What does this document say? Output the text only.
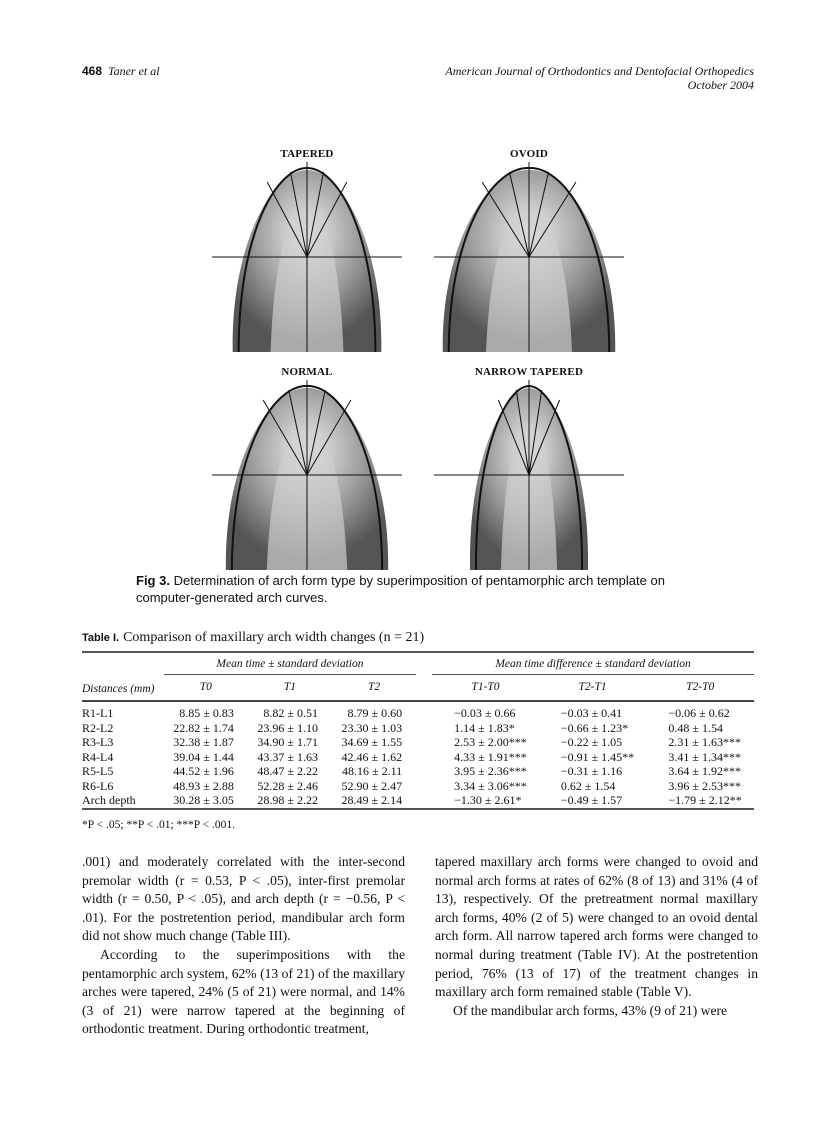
468 Taner et al	American Journal of Orthodontics and Dentofacial Orthopedics
October 2004
TAPERED	OVOID
NORMAL	NARROW TAPERED
Fig 3. Determination of arch form type by superimposition of pentamorphic arch template on computer-generated arch curves.
Table I. Comparison of maxillary arch width changes (n = 21)
	Mean time ± standard deviation				Mean time difference ± standard deviation		
Distances (mm)	T0	T1	T2		T1-T0	T2-T1	T2-T0
R1-L1	8.85 ± 0.83	8.82 ± 0.51	8.79 ± 0.60		−0.03 ± 0.66	−0.03 ± 0.41	−0.06 ± 0.62
R2-L2	22.82 ± 1.74	23.96 ± 1.10	23.30 ± 1.03		1.14 ± 1.83*	−0.66 ± 1.23*	0.48 ± 1.54
R3-L3	32.38 ± 1.87	34.90 ± 1.71	34.69 ± 1.55		2.53 ± 2.00***	−0.22 ± 1.05	2.31 ± 1.63***
R4-L4	39.04 ± 1.44	43.37 ± 1.63	42.46 ± 1.62		4.33 ± 1.91***	−0.91 ± 1.45**	3.41 ± 1.34***
R5-L5	44.52 ± 1.96	48.47 ± 2.22	48.16 ± 2.11		3.95 ± 2.36***	−0.31 ± 1.16	3.64 ± 1.92***
R6-L6	48.93 ± 2.88	52.28 ± 2.46	52.90 ± 2.47		3.34 ± 3.06***	0.62 ± 1.54	3.96 ± 2.53***
Arch depth	30.28 ± 3.05	28.98 ± 2.22	28.49 ± 2.14		−1.30 ± 2.61*	−0.49 ± 1.57	−1.79 ± 2.12**
*P < .05; **P < .01; ***P < .001.

.001) and moderately correlated with the inter-second premolar width (r = 0.53, P < .05), inter-first premolar width (r = 0.50, P < .05), and arch depth (r = −0.56, P < .01). For the postretention period, mandibular arch form did not show much change (Table III).

According to the superimpositions with the pentamorphic arch system, 62% (13 of 21) of the maxillary arches were tapered, 24% (5 of 21) were normal, and 14% (3 of 21) were narrow tapered at the beginning of orthodontic treatment. During orthodontic treatment,

tapered maxillary arch forms were changed to ovoid and normal arch forms at rates of 62% (8 of 13) and 31% (4 of 13), respectively. Of the pretreatment normal maxillary arch forms, 40% (2 of 5) were changed to an ovoid dental arch form. All narrow tapered arch forms were changed to normal during treatment (Table IV). At the postretention period, 76% (13 of 17) of the treatment changes in maxillary arch form remained stable (Table V).

Of the mandibular arch forms, 43% (9 of 21) were
